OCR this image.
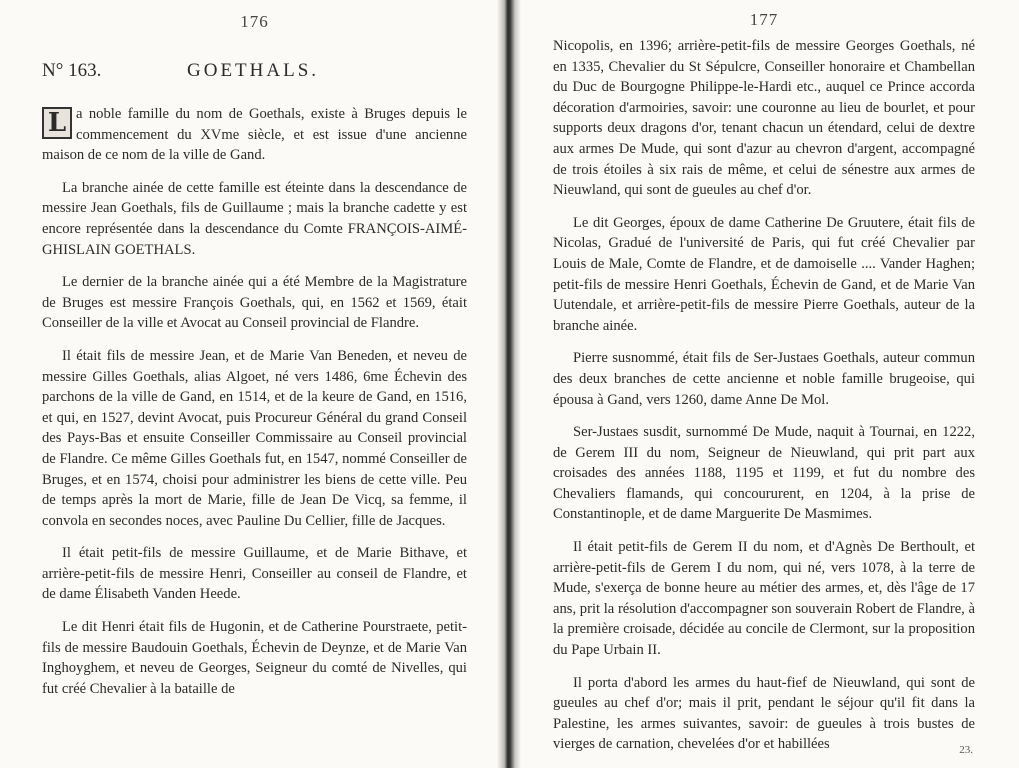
176
N° 163.	GOETHALS.
L a noble famille du nom de Goethals, existe à Bruges depuis le commencement du XVme siècle, et est issue d'une ancienne maison de ce nom de la ville de Gand.

La branche ainée de cette famille est éteinte dans la descendance de messire Jean Goethals, fils de Guillaume ; mais la branche cadette y est encore représentée dans la descendance du Comte FRANÇOIS-AIMÉ-GHISLAIN GOETHALS.

Le dernier de la branche ainée qui a été Membre de la Magistrature de Bruges est messire François Goethals, qui, en 1562 et 1569, était Conseiller de la ville et Avocat au Conseil provincial de Flandre.

Il était fils de messire Jean, et de Marie Van Beneden, et neveu de messire Gilles Goethals, alias Algoet, né vers 1486, 6me Échevin des parchons de la ville de Gand, en 1514, et de la keure de Gand, en 1516, et qui, en 1527, devint Avocat, puis Procureur Général du grand Conseil des Pays-Bas et ensuite Conseiller Commissaire au Conseil provincial de Flandre. Ce même Gilles Goethals fut, en 1547, nommé Conseiller de Bruges, et en 1574, choisi pour administrer les biens de cette ville. Peu de temps après la mort de Marie, fille de Jean De Vicq, sa femme, il convola en secondes noces, avec Pauline Du Cellier, fille de Jacques.

Il était petit-fils de messire Guillaume, et de Marie Bithave, et arrière-petit-fils de messire Henri, Conseiller au conseil de Flandre, et de dame Élisabeth Vanden Heede.

Le dit Henri était fils de Hugonin, et de Catherine Pourstraete, petit-fils de messire Baudouin Goethals, Échevin de Deynze, et de Marie Van Inghoyghem, et neveu de Georges, Seigneur du comté de Nivelles, qui fut créé Chevalier à la bataille de

177

Nicopolis, en 1396; arrière-petit-fils de messire Georges Goethals, né en 1335, Chevalier du St Sépulcre, Conseiller honoraire et Chambellan du Duc de Bourgogne Philippe-le-Hardi etc., auquel ce Prince accorda décoration d'armoiries, savoir: une couronne au lieu de bourlet, et pour supports deux dragons d'or, tenant chacun un étendard, celui de dextre aux armes De Mude, qui sont d'azur au chevron d'argent, accompagné de trois étoiles à six rais de même, et celui de sénestre aux armes de Nieuwland, qui sont de gueules au chef d'or.

Le dit Georges, époux de dame Catherine De Gruutere, était fils de Nicolas, Gradué de l'université de Paris, qui fut créé Chevalier par Louis de Male, Comte de Flandre, et de damoiselle .... Vander Haghen; petit-fils de messire Henri Goethals, Échevin de Gand, et de Marie Van Uutendale, et arrière-petit-fils de messire Pierre Goethals, auteur de la branche ainée.

Pierre susnommé, était fils de Ser-Justaes Goethals, auteur commun des deux branches de cette ancienne et noble famille brugeoise, qui épousa à Gand, vers 1260, dame Anne De Mol.

Ser-Justaes susdit, surnommé De Mude, naquit à Tournai, en 1222, de Gerem III du nom, Seigneur de Nieuwland, qui prit part aux croisades des années 1188, 1195 et 1199, et fut du nombre des Chevaliers flamands, qui concoururent, en 1204, à la prise de Constantinople, et de dame Marguerite De Masmimes.

Il était petit-fils de Gerem II du nom, et d'Agnès De Berthoult, et arrière-petit-fils de Gerem I du nom, qui né, vers 1078, à la terre de Mude, s'exerça de bonne heure au métier des armes, et, dès l'âge de 17 ans, prit la résolution d'accompagner son souverain Robert de Flandre, à la première croisade, décidée au concile de Clermont, sur la proposition du Pape Urbain II.

Il porta d'abord les armes du haut-fief de Nieuwland, qui sont de gueules au chef d'or; mais il prit, pendant le séjour qu'il fit dans la Palestine, les armes suivantes, savoir: de gueules à trois bustes de vierges de carnation, chevelées d'or et habillées	23.
